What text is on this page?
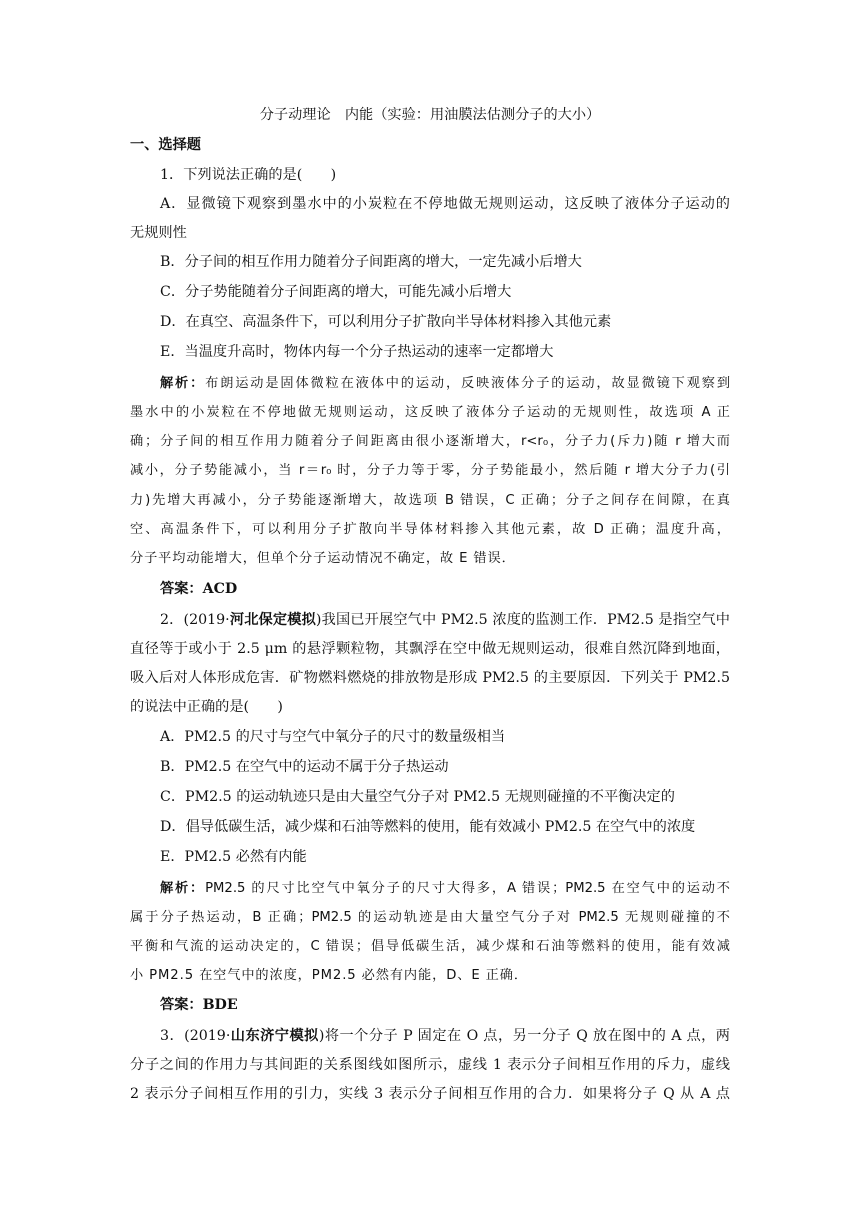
分子动理论　内能（实验：用油膜法估测分子的大小）
一、选择题
1．下列说法正确的是(　　)
A．显微镜下观察到墨水中的小炭粒在不停地做无规则运动，这反映了液体分子运动的
无规则性
B．分子间的相互作用力随着分子间距离的增大，一定先减小后增大
C．分子势能随着分子间距离的增大，可能先减小后增大
D．在真空、高温条件下，可以利用分子扩散向半导体材料掺入其他元素
E．当温度升高时，物体内每一个分子热运动的速率一定都增大
解析：布朗运动是固体微粒在液体中的运动，反映液体分子的运动，故显微镜下观察到
墨水中的小炭粒在不停地做无规则运动，这反映了液体分子运动的无规则性，故选项 A 正
确；分子间的相互作用力随着分子间距离由很小逐渐增大，r<r₀，分子力(斥力)随 r 增大而
减小，分子势能减小，当 r＝r₀ 时，分子力等于零，分子势能最小，然后随 r 增大分子力(引
力)先增大再减小，分子势能逐渐增大，故选项 B 错误，C 正确；分子之间存在间隙，在真
空、高温条件下，可以利用分子扩散向半导体材料掺入其他元素，故 D 正确；温度升高，
分子平均动能增大，但单个分子运动情况不确定，故 E 错误．
答案：ACD
2．(2019·河北保定模拟)我国已开展空气中 PM2.5 浓度的监测工作．PM2.5 是指空气中
直径等于或小于 2.5 μm 的悬浮颗粒物，其飘浮在空中做无规则运动，很难自然沉降到地面，
吸入后对人体形成危害．矿物燃料燃烧的排放物是形成 PM2.5 的主要原因．下列关于 PM2.5
的说法中正确的是(　　)
A．PM2.5 的尺寸与空气中氧分子的尺寸的数量级相当
B．PM2.5 在空气中的运动不属于分子热运动
C．PM2.5 的运动轨迹只是由大量空气分子对 PM2.5 无规则碰撞的不平衡决定的
D．倡导低碳生活，减少煤和石油等燃料的使用，能有效减小 PM2.5 在空气中的浓度
E．PM2.5 必然有内能
解析：PM2.5 的尺寸比空气中氧分子的尺寸大得多，A 错误；PM2.5 在空气中的运动不
属于分子热运动，B 正确；PM2.5 的运动轨迹是由大量空气分子对 PM2.5 无规则碰撞的不
平衡和气流的运动决定的，C 错误；倡导低碳生活，减少煤和石油等燃料的使用，能有效减
小 PM2.5 在空气中的浓度，PM2.5 必然有内能，D、E 正确．
答案：BDE
3．(2019·山东济宁模拟)将一个分子 P 固定在 O 点，另一分子 Q 放在图中的 A 点，两
分子之间的作用力与其间距的关系图线如图所示，虚线 1 表示分子间相互作用的斥力，虚线
2 表示分子间相互作用的引力，实线 3 表示分子间相互作用的合力．如果将分子 Q 从 A 点
